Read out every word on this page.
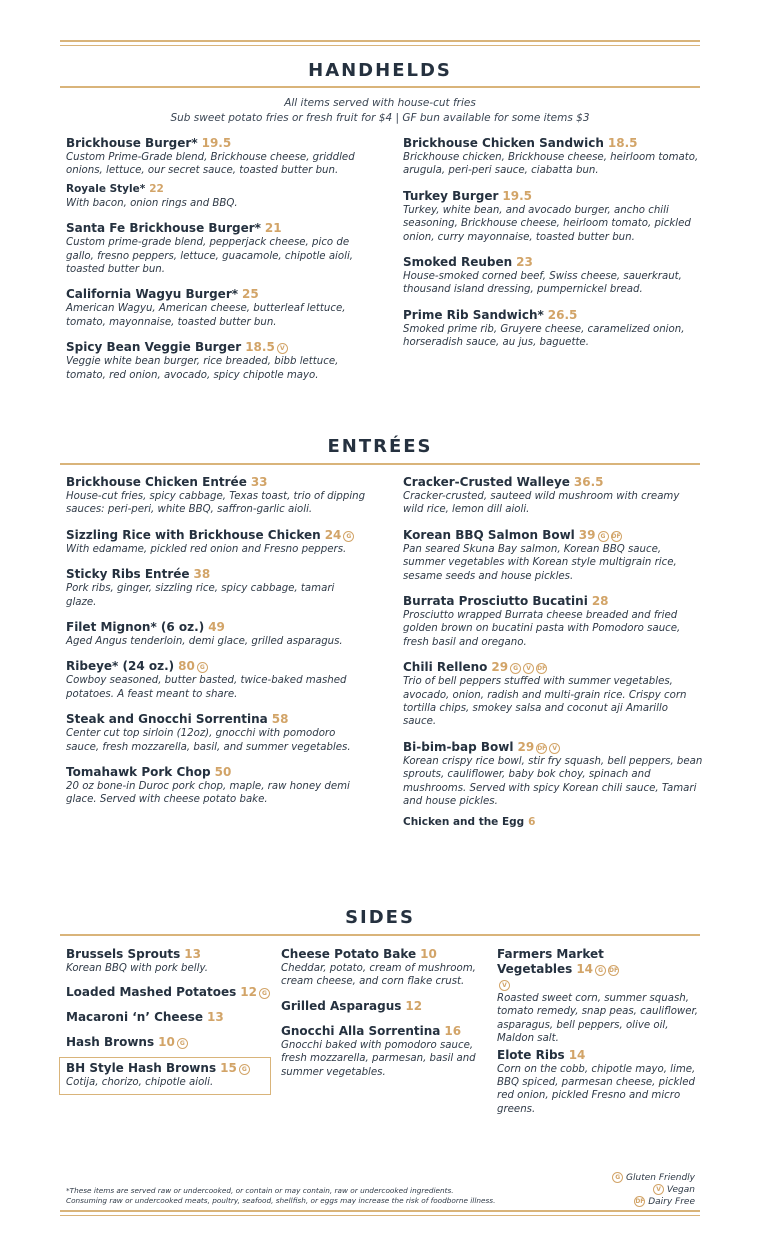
HANDHELDS
All items served with house-cut fries
Sub sweet potato fries or fresh fruit for $4 | GF bun available for some items $3
Brickhouse Burger* 19.5
Custom Prime-Grade blend, Brickhouse cheese, griddled onions, lettuce, our secret sauce, toasted butter bun.
Royale Style* 22
With bacon, onion rings and BBQ.
Santa Fe Brickhouse Burger* 21
Custom prime-grade blend, pepperjack cheese, pico de gallo, fresno peppers, lettuce, guacamole, chipotle aioli, toasted butter bun.
California Wagyu Burger* 25
American Wagyu, American cheese, butterleaf lettuce, tomato, mayonnaise, toasted butter bun.
Spicy Bean Veggie Burger 18.5 V
Veggie white bean burger, rice breaded, bibb lettuce, tomato, red onion, avocado, spicy chipotle mayo.
Brickhouse Chicken Sandwich 18.5
Brickhouse chicken, Brickhouse cheese, heirloom tomato, arugula, peri-peri sauce, ciabatta bun.
Turkey Burger 19.5
Turkey, white bean, and avocado burger, ancho chili seasoning, Brickhouse cheese, heirloom tomato, pickled onion, curry mayonnaise, toasted butter bun.
Smoked Reuben 23
House-smoked corned beef, Swiss cheese, sauerkraut, thousand island dressing, pumpernickel bread.
Prime Rib Sandwich* 26.5
Smoked prime rib, Gruyere cheese, caramelized onion, horseradish sauce, au jus, baguette.
ENTRÉES
Brickhouse Chicken Entrée 33
House-cut fries, spicy cabbage, Texas toast, trio of dipping sauces: peri-peri, white BBQ, saffron-garlic aioli.
Sizzling Rice with Brickhouse Chicken 24 G
With edamame, pickled red onion and Fresno peppers.
Sticky Ribs Entrée 38
Pork ribs, ginger, sizzling rice, spicy cabbage, tamari glaze.
Filet Mignon* (6 oz.) 49
Aged Angus tenderloin, demi glace, grilled asparagus.
Ribeye* (24 oz.) 80 G
Cowboy seasoned, butter basted, twice-baked mashed potatoes. A feast meant to share.
Steak and Gnocchi Sorrentina 58
Center cut top sirloin (12oz), gnocchi with pomodoro sauce, fresh mozzarella, basil, and summer vegetables.
Tomahawk Pork Chop 50
20 oz bone-in Duroc pork chop, maple, raw honey demi glace. Served with cheese potato bake.
Cracker-Crusted Walleye 36.5
Cracker-crusted, sauteed wild mushroom with creamy wild rice, lemon dill aioli.
Korean BBQ Salmon Bowl 39 G DF
Pan seared Skuna Bay salmon, Korean BBQ sauce, summer vegetables with Korean style multigrain rice, sesame seeds and house pickles.
Burrata Prosciutto Bucatini 28
Prosciutto wrapped Burrata cheese breaded and fried golden brown on bucatini pasta with Pomodoro sauce, fresh basil and oregano.
Chili Relleno 29 G V DF
Trio of bell peppers stuffed with summer vegetables, avocado, onion, radish and multi-grain rice. Crispy corn tortilla chips, smokey salsa and coconut aji Amarillo sauce.
Bi-bim-bap Bowl 29 DF V
Korean crispy rice bowl, stir fry squash, bell peppers, bean sprouts, cauliflower, baby bok choy, spinach and mushrooms. Served with spicy Korean chili sauce, Tamari and house pickles.
Chicken and the Egg 6
SIDES
Brussels Sprouts 13
Korean BBQ with pork belly.
Loaded Mashed Potatoes 12 G
Macaroni ‘n’ Cheese 13
Hash Browns 10 G
BH Style Hash Browns 15 G
Cotija, chorizo, chipotle aioli.
Cheese Potato Bake 10
Cheddar, potato, cream of mushroom, cream cheese, and corn flake crust.
Grilled Asparagus 12
Gnocchi Alla Sorrentina 16
Gnocchi baked with pomodoro sauce, fresh mozzarella, parmesan, basil and summer vegetables.
Farmers Market Vegetables 14 G DFV
Roasted sweet corn, summer squash, tomato remedy, snap peas, cauliflower, asparagus, bell peppers, olive oil, Maldon salt.
Elote Ribs 14
Corn on the cobb, chipotle mayo, lime, BBQ spiced, parmesan cheese, pickled red onion, pickled Fresno and micro greens.
G Gluten Friendly
V Vegan
DF Dairy Free
*These items are served raw or undercooked, or contain or may contain, raw or undercooked ingredients.
Consuming raw or undercooked meats, poultry, seafood, shellfish, or eggs may increase the risk of foodborne illness.
